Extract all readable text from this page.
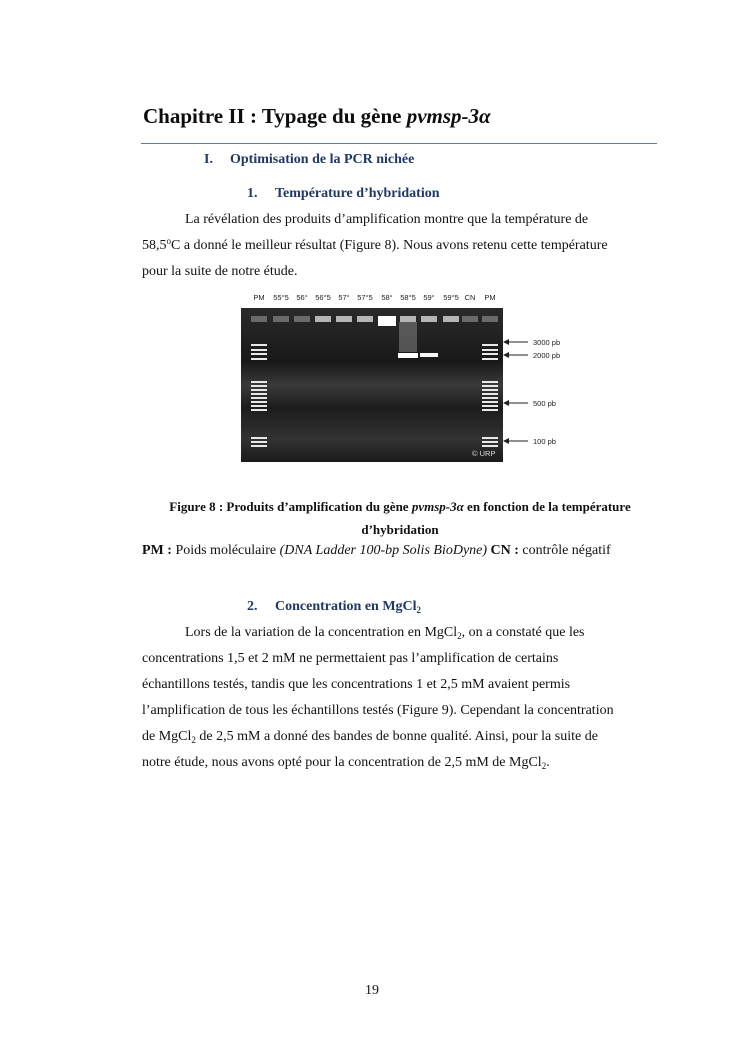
Chapitre II : Typage du gène pvmsp-3α
I. Optimisation de la PCR nichée
1. Température d’hybridation
La révélation des produits d’amplification montre que la température de
58,5$^o$C a donné le meilleur résultat (Figure 8). Nous avons retenu cette température
pour la suite de notre étude.
PM 55°5 56° 56°5 57° 57°5 58° 58°5 59° 59°5 CN PM
3000 pb
2000 pb
500 pb
100 pb
© URP
Figure 8 : Produits d’amplification du gène pvmsp-3α en fonction de la température
d’hybridation
PM : Poids moléculaire (DNA Ladder 100-bp Solis BioDyne) CN : contrôle négatif
2. Concentration en MgCl$_2$
Lors de la variation de la concentration en MgCl$_2$, on a constaté que les
concentrations 1,5 et 2 mM ne permettaient pas l’amplification de certains
échantillons testés, tandis que les concentrations 1 et 2,5 mM avaient permis
l’amplification de tous les échantillons testés (Figure 9). Cependant la concentration
de MgCl$_2$ de 2,5 mM a donné des bandes de bonne qualité. Ainsi, pour la suite de
notre étude, nous avons opté pour la concentration de 2,5 mM de MgCl$_2$.
19
